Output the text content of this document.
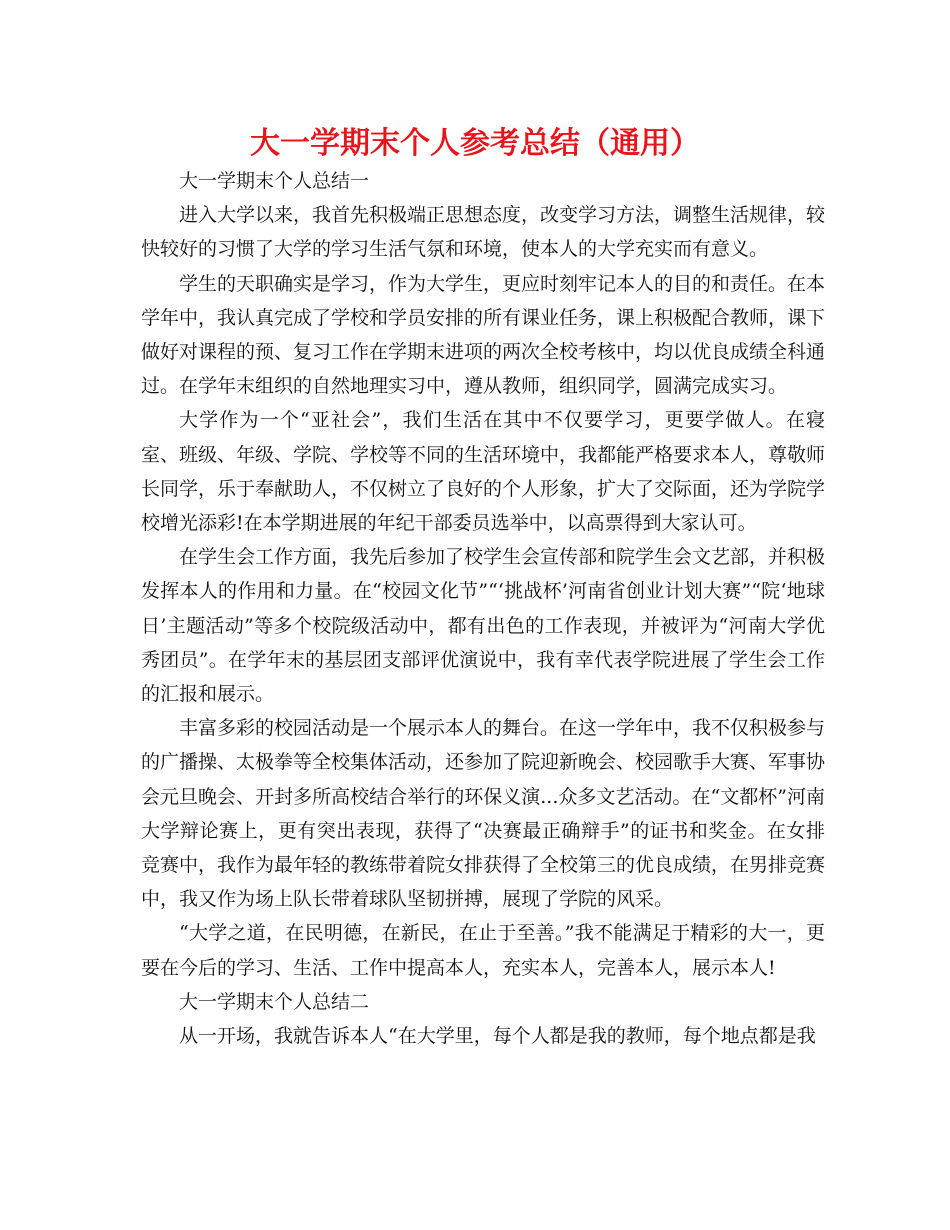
大一学期末个人参考总结（通用）

大一学期末个人总结一

进入大学以来，我首先积极端正思想态度，改变学习方法，调整生活规律，较快较好的习惯了大学的学习生活气氛和环境，使本人的大学充实而有意义。

学生的天职确实是学习，作为大学生，更应时刻牢记本人的目的和责任。在本学年中，我认真完成了学校和学员安排的所有课业任务，课上积极配合教师，课下做好对课程的预、复习工作在学期末进项的两次全校考核中，均以优良成绩全科通过。在学年末组织的自然地理实习中，遵从教师，组织同学，圆满完成实习。

大学作为一个“亚社会”，我们生活在其中不仅要学习，更要学做人。在寝室、班级、年级、学院、学校等不同的生活环境中，我都能严格要求本人，尊敬师长同学，乐于奉献助人，不仅树立了良好的个人形象，扩大了交际面，还为学院学校增光添彩!在本学期进展的年纪干部委员选举中，以高票得到大家认可。

在学生会工作方面，我先后参加了校学生会宣传部和院学生会文艺部，并积极发挥本人的作用和力量。在“校园文化节”“‘挑战杯’河南省创业计划大赛”“院‘地球日’主题活动”等多个校院级活动中，都有出色的工作表现，并被评为“河南大学优秀团员”。在学年末的基层团支部评优演说中，我有幸代表学院进展了学生会工作的汇报和展示。

丰富多彩的校园活动是一个展示本人的舞台。在这一学年中，我不仅积极参与的广播操、太极拳等全校集体活动，还参加了院迎新晚会、校园歌手大赛、军事协会元旦晚会、开封多所高校结合举行的环保义演...众多文艺活动。在“文都杯”河南大学辩论赛上，更有突出表现，获得了“决赛最正确辩手”的证书和奖金。在女排竞赛中，我作为最年轻的教练带着院女排获得了全校第三的优良成绩，在男排竞赛中，我又作为场上队长带着球队坚韧拼搏，展现了学院的风采。

“大学之道，在民明德，在新民，在止于至善。”我不能满足于精彩的大一，更要在今后的学习、生活、工作中提高本人，充实本人，完善本人，展示本人!

大一学期末个人总结二

从一开场，我就告诉本人“在大学里，每个人都是我的教师，每个地点都是我
